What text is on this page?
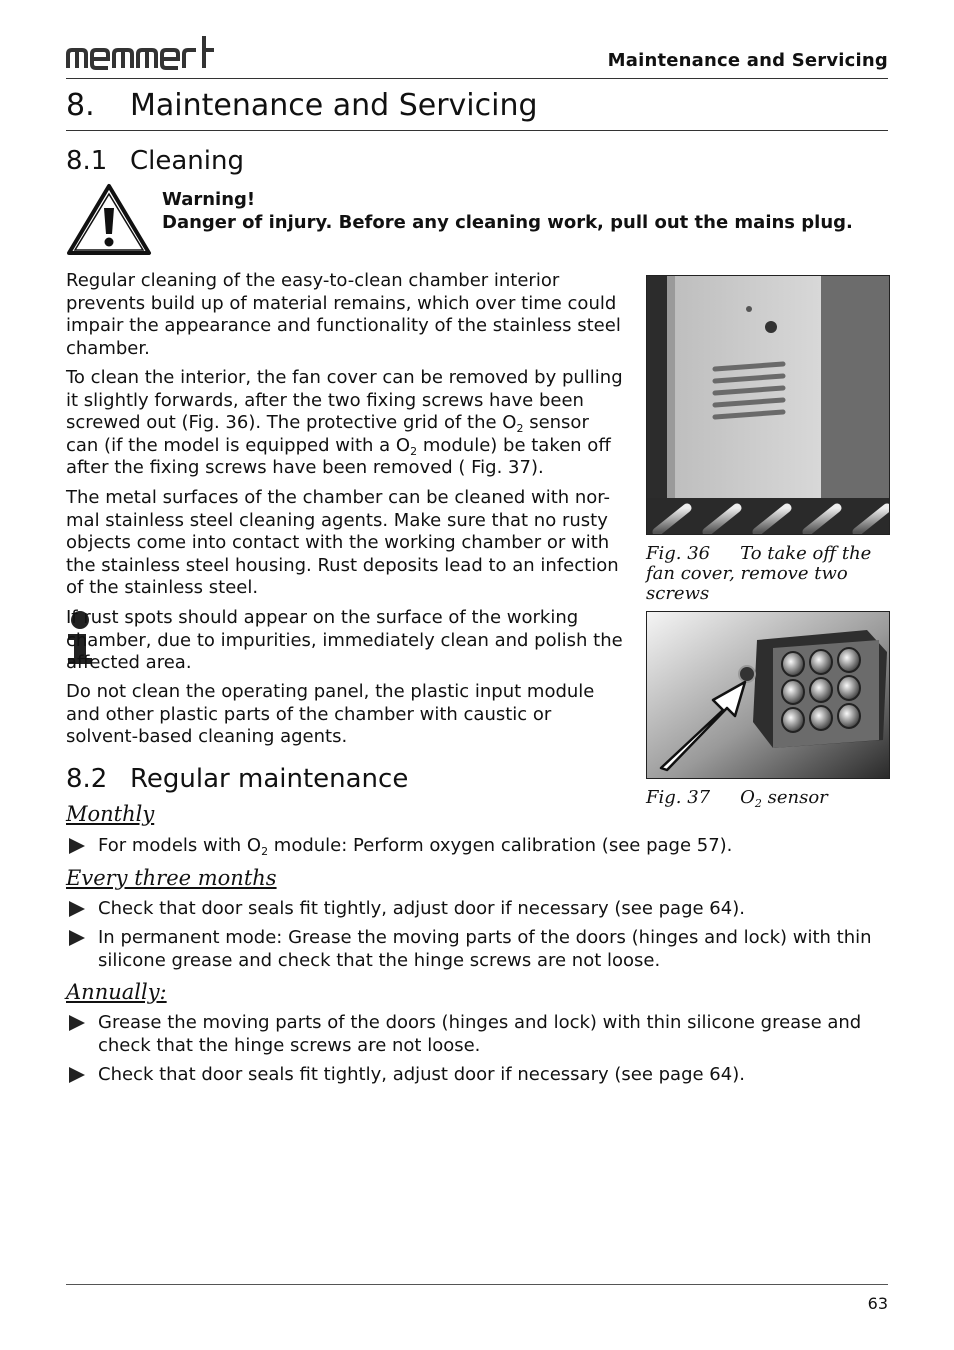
Maintenance and Servicing
8. Maintenance and Servicing
8.1 Cleaning
Warning!
Danger of injury. Before any cleaning work, pull out the mains plug.

Regular cleaning of the easy-to-clean chamber interior prevents build up of material remains, which over time could impair the appearance and functionality of the stainless steel chamber.

To clean the interior, the fan cover can be removed by pulling it slightly forwards, after the two fixing screws have been screwed out (Fig. 36). The protective grid of the $O_2$ sensor can (if the model is equipped with a $O_2$ module) be taken off after the fixing screws have been removed ( Fig. 37).

The metal surfaces of the chamber can be cleaned with nor-mal stainless steel cleaning agents. Make sure that no rusty objects come into contact with the working chamber or with the stainless steel housing. Rust deposits lead to an infection of the stainless steel.

If rust spots should appear on the surface of the working chamber, due to impurities, immediately clean and polish the affected area.

Do not clean the operating panel, the plastic input module and other plastic parts of the chamber with caustic or solvent-based cleaning agents.

Fig. 36 To take off the fan cover, remove two screws
Fig. 37 $O_2$ sensor
8.2 Regular maintenance
Monthly
For models with $O_2$ module: Perform oxygen calibration (see page 57).
Every three months
Check that door seals fit tightly, adjust door if necessary (see page 64).
In permanent mode: Grease the moving parts of the doors (hinges and lock) with thin silicone grease and check that the hinge screws are not loose.
Annually:
Grease the moving parts of the doors (hinges and lock) with thin silicone grease and check that the hinge screws are not loose.
Check that door seals fit tightly, adjust door if necessary (see page 64).
63
